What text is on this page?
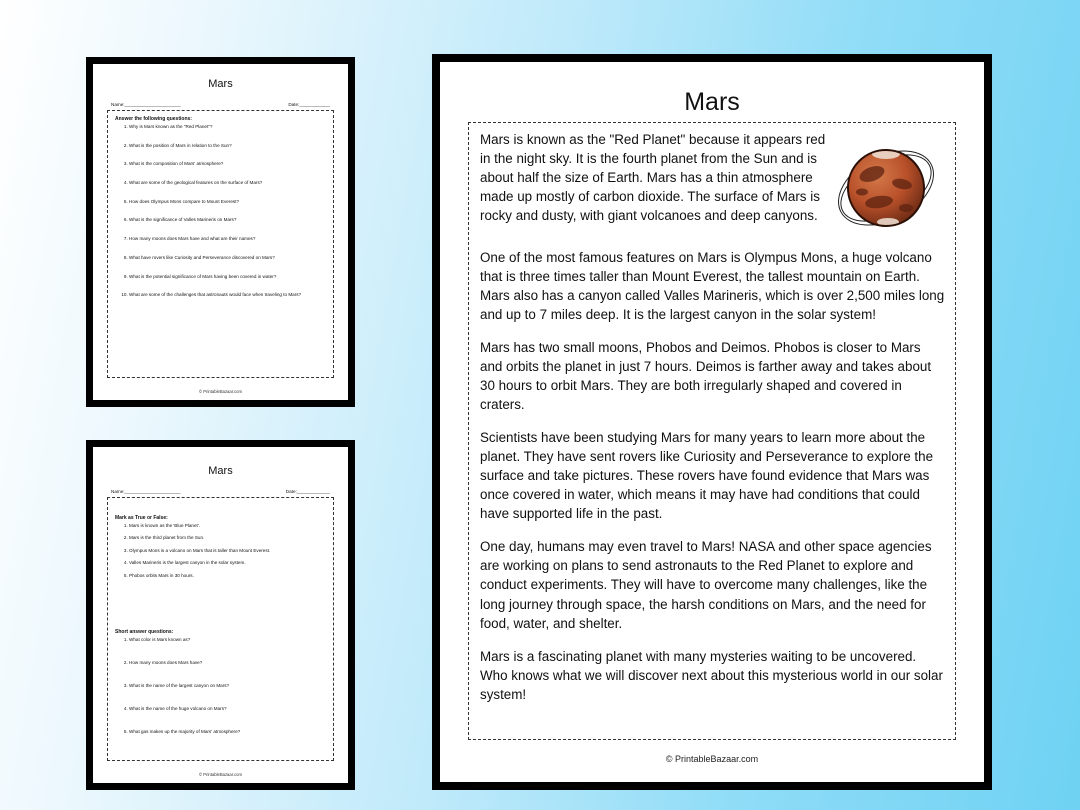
Mars
Name:______________________	Date:____________
Answer the following questions:
1. Why is Mars known as the "Red Planet"?
2. What is the position of Mars in relation to the Sun?
3. What is the composition of Mars' atmosphere?
4. What are some of the geological features on the surface of Mars?
5. How does Olympus Mons compare to Mount Everest?
6. What is the significance of Valles Marineris on Mars?
7. How many moons does Mars have and what are their names?
8. What have rovers like Curiosity and Perseverance discovered on Mars?
9. What is the potential significance of Mars having been covered in water?
10. What are some of the challenges that astronauts would face when traveling to Mars?
© PrintableBazaar.com
Mars
Name:______________________	Date:_____________
Mark as True or False:
1. Mars is known as the 'Blue Planet'.
2. Mars is the third planet from the Sun.
3. Olympus Mons is a volcano on Mars that is taller than Mount Everest.
4. Valles Marineris is the largest canyon in the solar system.
5. Phobos orbits Mars in 30 hours.
Short answer questions:
1. What color is Mars known as?
2. How many moons does Mars have?
3. What is the name of the largest canyon on Mars?
4. What is the name of the huge volcano on Mars?
5. What gas makes up the majority of Mars' atmosphere?
© PrintableBazaar.com
Mars

Mars is known as the "Red Planet" because it appears red in the night sky. It is the fourth planet from the Sun and is about half the size of Earth. Mars has a thin atmosphere made up mostly of carbon dioxide. The surface of Mars is rocky and dusty, with giant volcanoes and deep canyons.

One of the most famous features on Mars is Olympus Mons, a huge volcano that is three times taller than Mount Everest, the tallest mountain on Earth. Mars also has a canyon called Valles Marineris, which is over 2,500 miles long and up to 7 miles deep. It is the largest canyon in the solar system!

Mars has two small moons, Phobos and Deimos. Phobos is closer to Mars and orbits the planet in just 7 hours. Deimos is farther away and takes about 30 hours to orbit Mars. They are both irregularly shaped and covered in craters.

Scientists have been studying Mars for many years to learn more about the planet. They have sent rovers like Curiosity and Perseverance to explore the surface and take pictures. These rovers have found evidence that Mars was once covered in water, which means it may have had conditions that could have supported life in the past.

One day, humans may even travel to Mars! NASA and other space agencies are working on plans to send astronauts to the Red Planet to explore and conduct experiments. They will have to overcome many challenges, like the long journey through space, the harsh conditions on Mars, and the need for food, water, and shelter.

Mars is a fascinating planet with many mysteries waiting to be uncovered. Who knows what we will discover next about this mysterious world in our solar system!

© PrintableBazaar.com
